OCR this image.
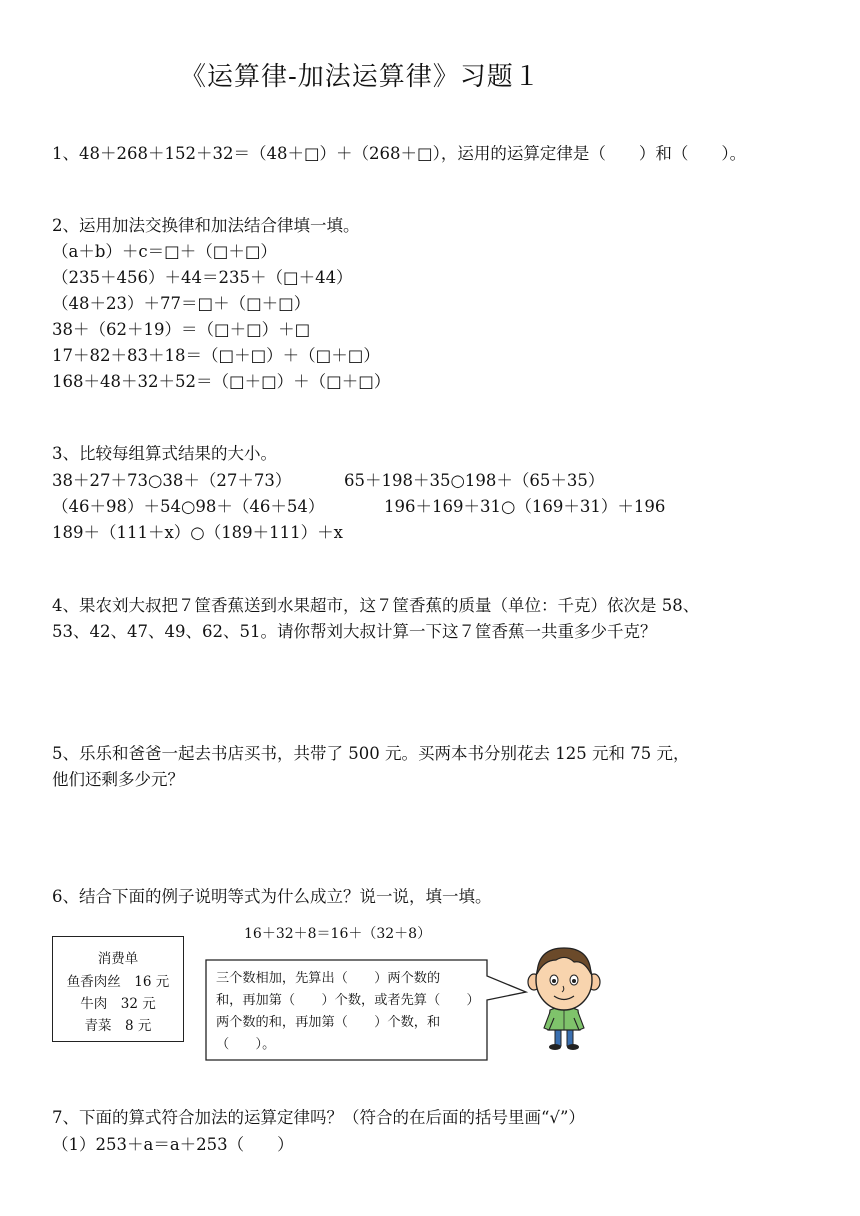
《运算律-加法运算律》习题１
1、48＋268＋152＋32＝（48＋□）＋（268＋□），运用的运算定律是（　　）和（　　）。
2、运用加法交换律和加法结合律填一填。
（a＋b）＋c＝□＋（□＋□）
（235＋456）＋44＝235＋（□＋44）
（48＋23）＋77＝□＋（□＋□）
38＋（62＋19）＝（□＋□）＋□
17＋82＋83＋18＝（□＋□）＋（□＋□）
168＋48＋32＋52＝（□＋□）＋（□＋□）
3、比较每组算式结果的大小。
38＋27＋73○38＋（27＋73）	65＋198＋35○198＋（65＋35）
（46＋98）＋54○98＋（46＋54）	196＋169＋31○（169＋31）＋196
189＋（111＋x）○（189＋111）＋x
4、果农刘大叔把７筐香蕉送到水果超市，这７筐香蕉的质量（单位：千克）依次是 58、
53、42、47、49、62、51。请你帮刘大叔计算一下这７筐香蕉一共重多少千克？
5、乐乐和爸爸一起去书店买书，共带了 500 元。买两本书分别花去 125 元和 75 元，
他们还剩多少元？
6、结合下面的例子说明等式为什么成立？说一说，填一填。
16＋32＋8＝16＋（32＋8）
消费单
鱼香肉丝　16 元
牛肉　32 元
青菜　8 元
三个数相加，先算出（　　）两个数的
和，再加第（　　）个数，或者先算（　　）
两个数的和，再加第（　　）个数，和
（　　）。
7、下面的算式符合加法的运算定律吗？（符合的在后面的括号里画“√”）
（1）253＋a＝a＋253（　　）
